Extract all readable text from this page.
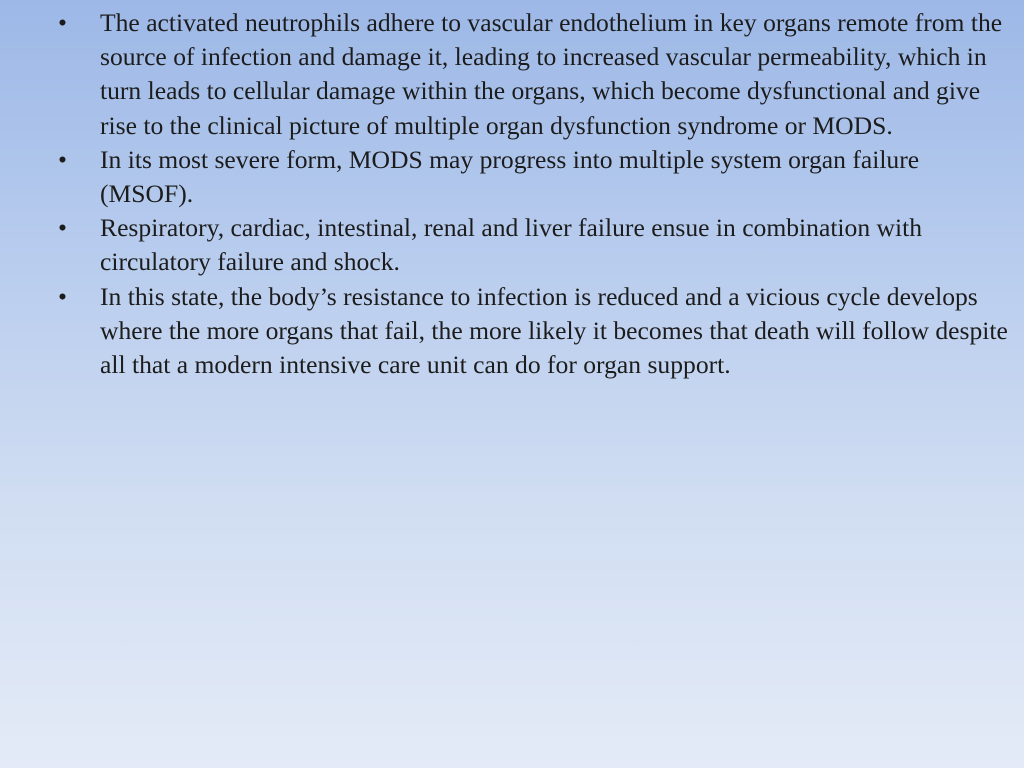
•	The activated neutrophils adhere to vascular endothelium in key organs remote from the source of infection and damage it, leading to increased vascular permeability, which in turn leads to cellular damage within the organs, which become dysfunctional and give rise to the clinical picture of multiple organ dysfunction syndrome or MODS.
•	In its most severe form, MODS may progress into multiple system organ failure (MSOF).
•	Respiratory, cardiac, intestinal, renal and liver failure ensue in combination with circulatory failure and shock.
•	In this state, the body’s resistance to infection is reduced and a vicious cycle develops where the more organs that fail, the more likely it becomes that death will follow despite all that a modern intensive care unit can do for organ support.
